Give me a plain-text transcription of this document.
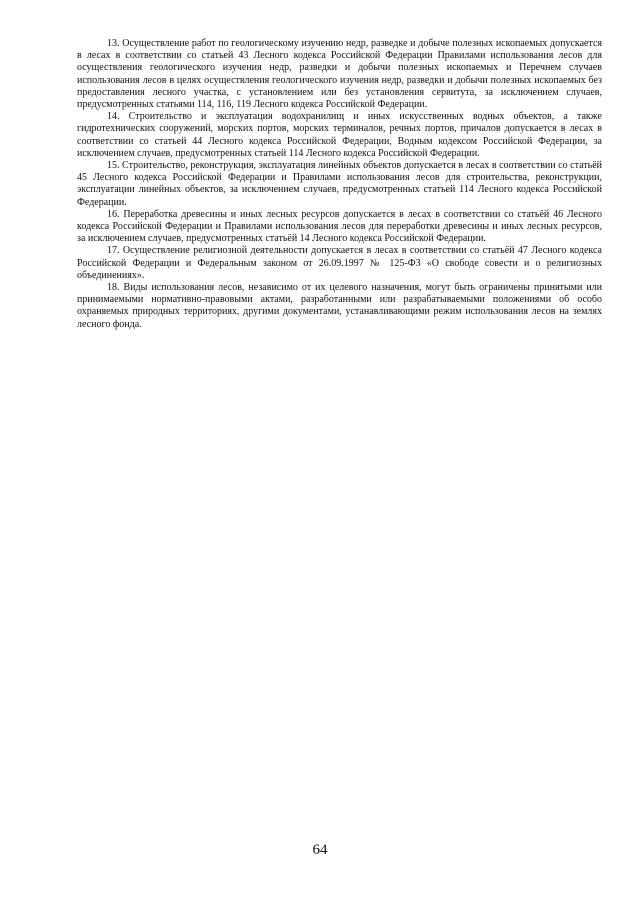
13. Осуществление работ по геологическому изучению недр, разведке и добыче полезных ископаемых допускается в лесах в соответствии со статьей 43 Лесного кодекса Российской Федерации Правилами использования лесов для осуществления геологического изучения недр, разведки и добычи полезных ископаемых и Перечнем случаев использования лесов в целях осуществления геологического изучения недр, разведки и добычи полезных ископаемых без предоставления лесного участка, с установлением или без установления сервитута, за исключением случаев, предусмотренных статьями 114, 116, 119 Лесного кодекса Российской Федерации.

14. Строительство и эксплуатация водохранилищ и иных искусственных водных объектов, а также гидротехнических сооружений, морских портов, морских терминалов, речных портов, причалов допускается в лесах в соответствии со статьей 44 Лесного кодекса Российской Федерации, Водным кодексом Российской Федерации, за исключением случаев, предусмотренных статьей 114 Лесного кодекса Российской Федерации.

15. Строительство, реконструкция, эксплуатация линейных объектов допускается в лесах в соответствии со статьёй 45 Лесного кодекса Российской Федерации и Правилами использования лесов для строительства, реконструкции, эксплуатации линейных объектов, за исключением случаев, предусмотренных статьей 114 Лесного кодекса Российской Федерации.

16. Переработка древесины и иных лесных ресурсов допускается в лесах в соответствии со статьёй 46 Лесного кодекса Российской Федерации и Правилами использования лесов для переработки древесины и иных лесных ресурсов, за исключением случаев, предусмотренных статьёй 14 Лесного кодекса Российской Федерации.

17. Осуществление религиозной деятельности допускается в лесах в соответствии со статьёй 47 Лесного кодекса Российской Федерации и Федеральным законом от 26.09.1997 № 125-ФЗ «О свободе совести и о религиозных объединениях».

18. Виды использования лесов, независимо от их целевого назначения, могут быть ограничены принятыми или принимаемыми нормативно-правовыми актами, разработанными или разрабатываемыми положениями об особо охраняемых природных территориях, другими документами, устанавливающими режим использования лесов на землях лесного фонда.

64
